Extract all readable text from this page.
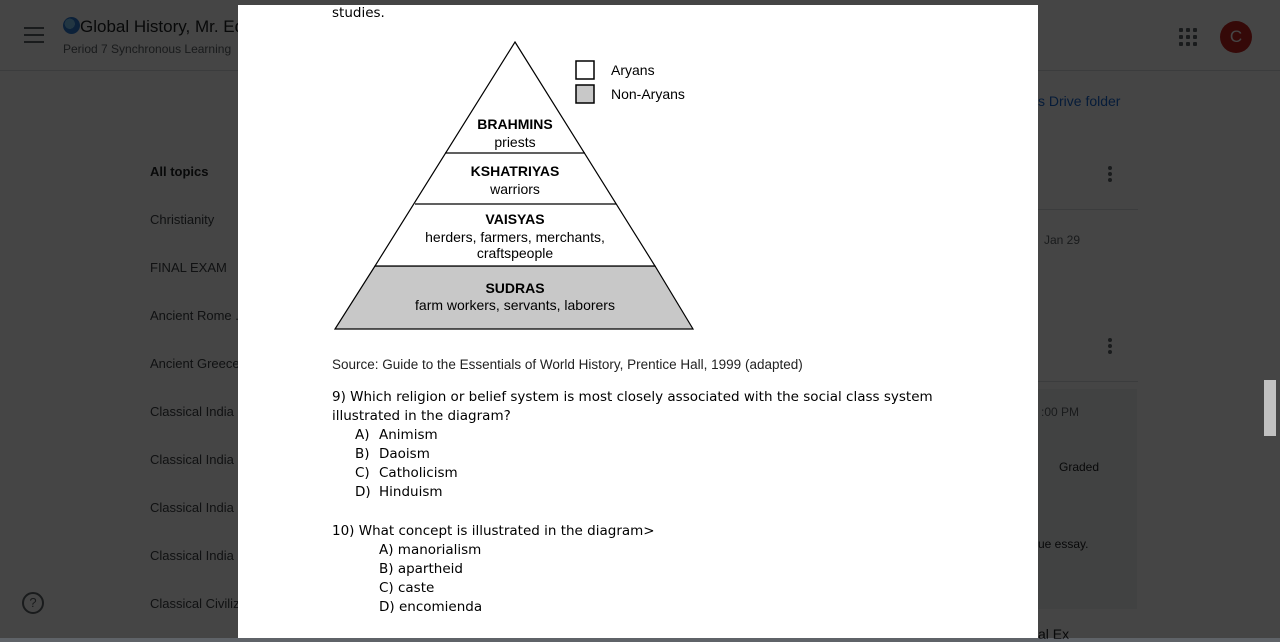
studies.
Aryans
Non-Aryans
BRAHMINS
priests
KSHATRIYAS
warriors
VAISYAS
herders, farmers, merchants,
craftspeople
SUDRAS
farm workers, servants, laborers
Source: Guide to the Essentials of World History, Prentice Hall, 1999 (adapted)
9) Which religion or belief system is most closely associated with the social class system
illustrated in the diagram?
A) Animism
B) Daoism
C) Catholicism
D) Hinduism
10) What concept is illustrated in the diagram>
A) manorialism
B) apartheid
C) caste
D) encomienda
